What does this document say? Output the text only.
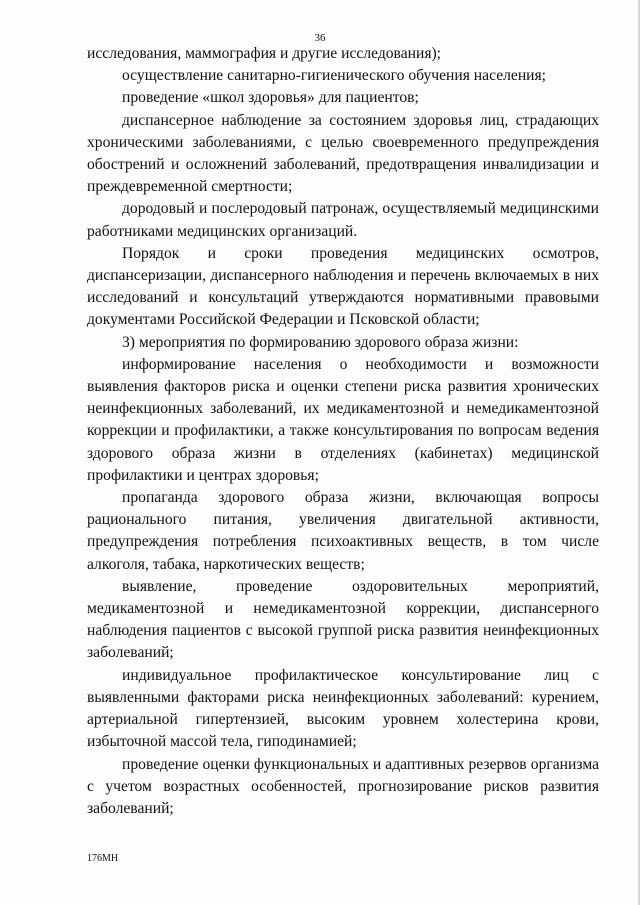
36

исследования, маммография и другие исследования);

осуществление санитарно-гигиенического обучения населения;

проведение «школ здоровья» для пациентов;

диспансерное наблюдение за состоянием здоровья лиц, страдающих хроническими заболеваниями, с целью своевременного предупреждения обострений и осложнений заболеваний, предотвращения инвалидизации и преждевременной смертности;

дородовый и послеродовый патронаж, осуществляемый медицинскими работниками медицинских организаций.

Порядок и сроки проведения медицинских осмотров, диспансеризации, диспансерного наблюдения и перечень включаемых в них исследований и консультаций утверждаются нормативными правовыми документами Российской Федерации и Псковской области;

3) мероприятия по формированию здорового образа жизни:

информирование населения о необходимости и возможности выявления факторов риска и оценки степени риска развития хронических неинфекционных заболеваний, их медикаментозной и немедикаментозной коррекции и профилактики, а также консультирования по вопросам ведения здорового образа жизни в отделениях (кабинетах) медицинской профилактики и центрах здоровья;

пропаганда здорового образа жизни, включающая вопросы рационального питания, увеличения двигательной активности, предупреждения потребления психоактивных веществ, в том числе алкоголя, табака, наркотических веществ;

выявление, проведение оздоровительных мероприятий, медикаментозной и немедикаментозной коррекции, диспансерного наблюдения пациентов с высокой группой риска развития неинфекционных заболеваний;

индивидуальное профилактическое консультирование лиц с выявленными факторами риска неинфекционных заболеваний: курением, артериальной гипертензией, высоким уровнем холестерина крови, избыточной массой тела, гиподинамией;

проведение оценки функциональных и адаптивных резервов организма с учетом возрастных особенностей, прогнозирование рисков развития заболеваний;

176МН
